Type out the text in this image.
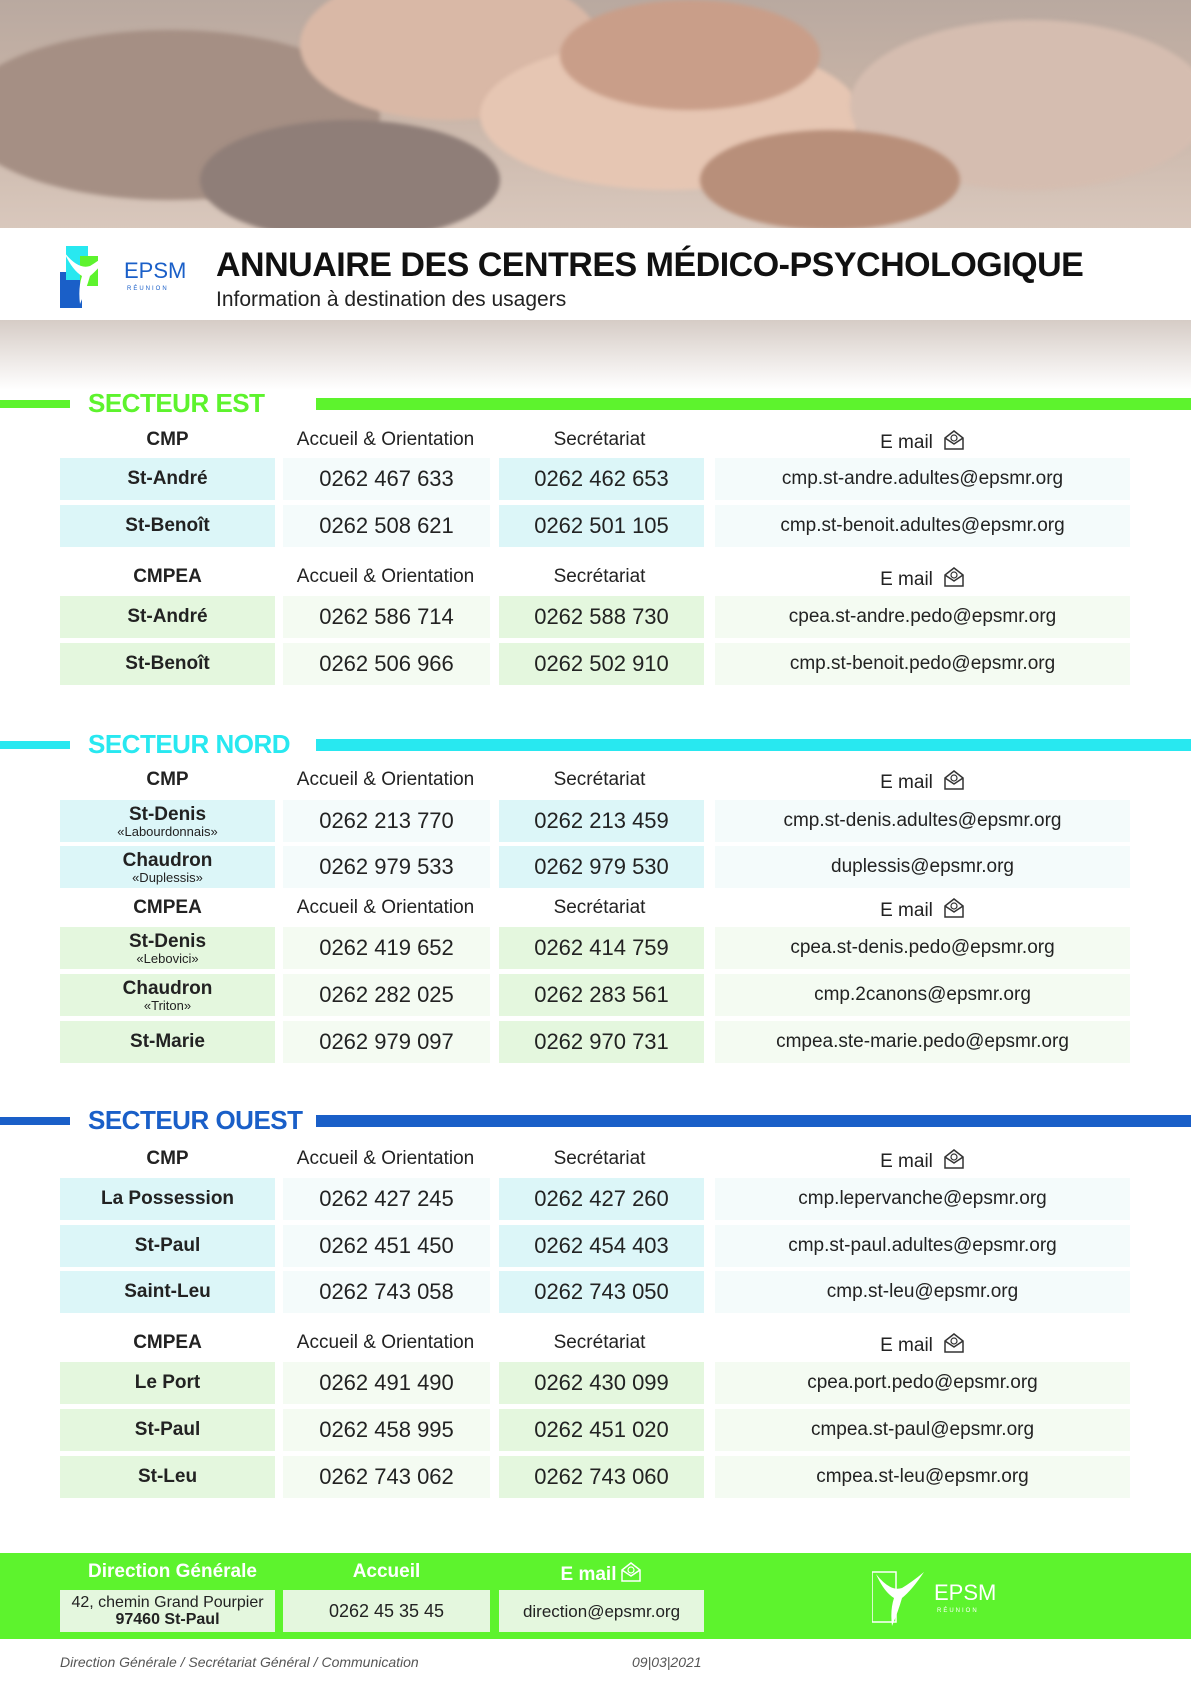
EPSM
RÉUNION
ANNUAIRE DES CENTRES MÉDICO-PSYCHOLOGIQUE
Information à destination des usagers
SECTEUR EST
CMP	Accueil & Orientation	Secrétariat	E mail
St-André	0262 467 633	0262 462 653	cmp.st-andre.adultes@epsmr.org
St-Benoît	0262 508 621	0262 501 105	cmp.st-benoit.adultes@epsmr.org
CMPEA	Accueil & Orientation	Secrétariat	E mail
St-André	0262 586 714	0262 588 730	cpea.st-andre.pedo@epsmr.org
St-Benoît	0262 506 966	0262 502 910	cmp.st-benoit.pedo@epsmr.org
SECTEUR NORD
CMP	Accueil & Orientation	Secrétariat	E mail
St-Denis
«Labourdonnais»	0262 213 770	0262 213 459	cmp.st-denis.adultes@epsmr.org
Chaudron
«Duplessis»	0262 979 533	0262 979 530	duplessis@epsmr.org
CMPEA	Accueil & Orientation	Secrétariat	E mail
St-Denis
«Lebovici»	0262 419 652	0262 414 759	cpea.st-denis.pedo@epsmr.org
Chaudron
«Triton»	0262 282 025	0262 283 561	cmp.2canons@epsmr.org
St-Marie	0262 979 097	0262 970 731	cmpea.ste-marie.pedo@epsmr.org
SECTEUR OUEST
CMP	Accueil & Orientation	Secrétariat	E mail
La Possession	0262 427 245	0262 427 260	cmp.lepervanche@epsmr.org
St-Paul	0262 451 450	0262 454 403	cmp.st-paul.adultes@epsmr.org
Saint-Leu	0262 743 058	0262 743 050	cmp.st-leu@epsmr.org
CMPEA	Accueil & Orientation	Secrétariat	E mail
Le Port	0262 491 490	0262 430 099	cpea.port.pedo@epsmr.org
St-Paul	0262 458 995	0262 451 020	cmpea.st-paul@epsmr.org
St-Leu	0262 743 062	0262 743 060	cmpea.st-leu@epsmr.org
Direction Générale	Accueil	E mail
42, chemin Grand Pourpier
97460 St-Paul	0262 45 35 45	direction@epsmr.org
EPSM
RÉUNION
Direction Générale / Secrétariat Général / Communication	09|03|2021
